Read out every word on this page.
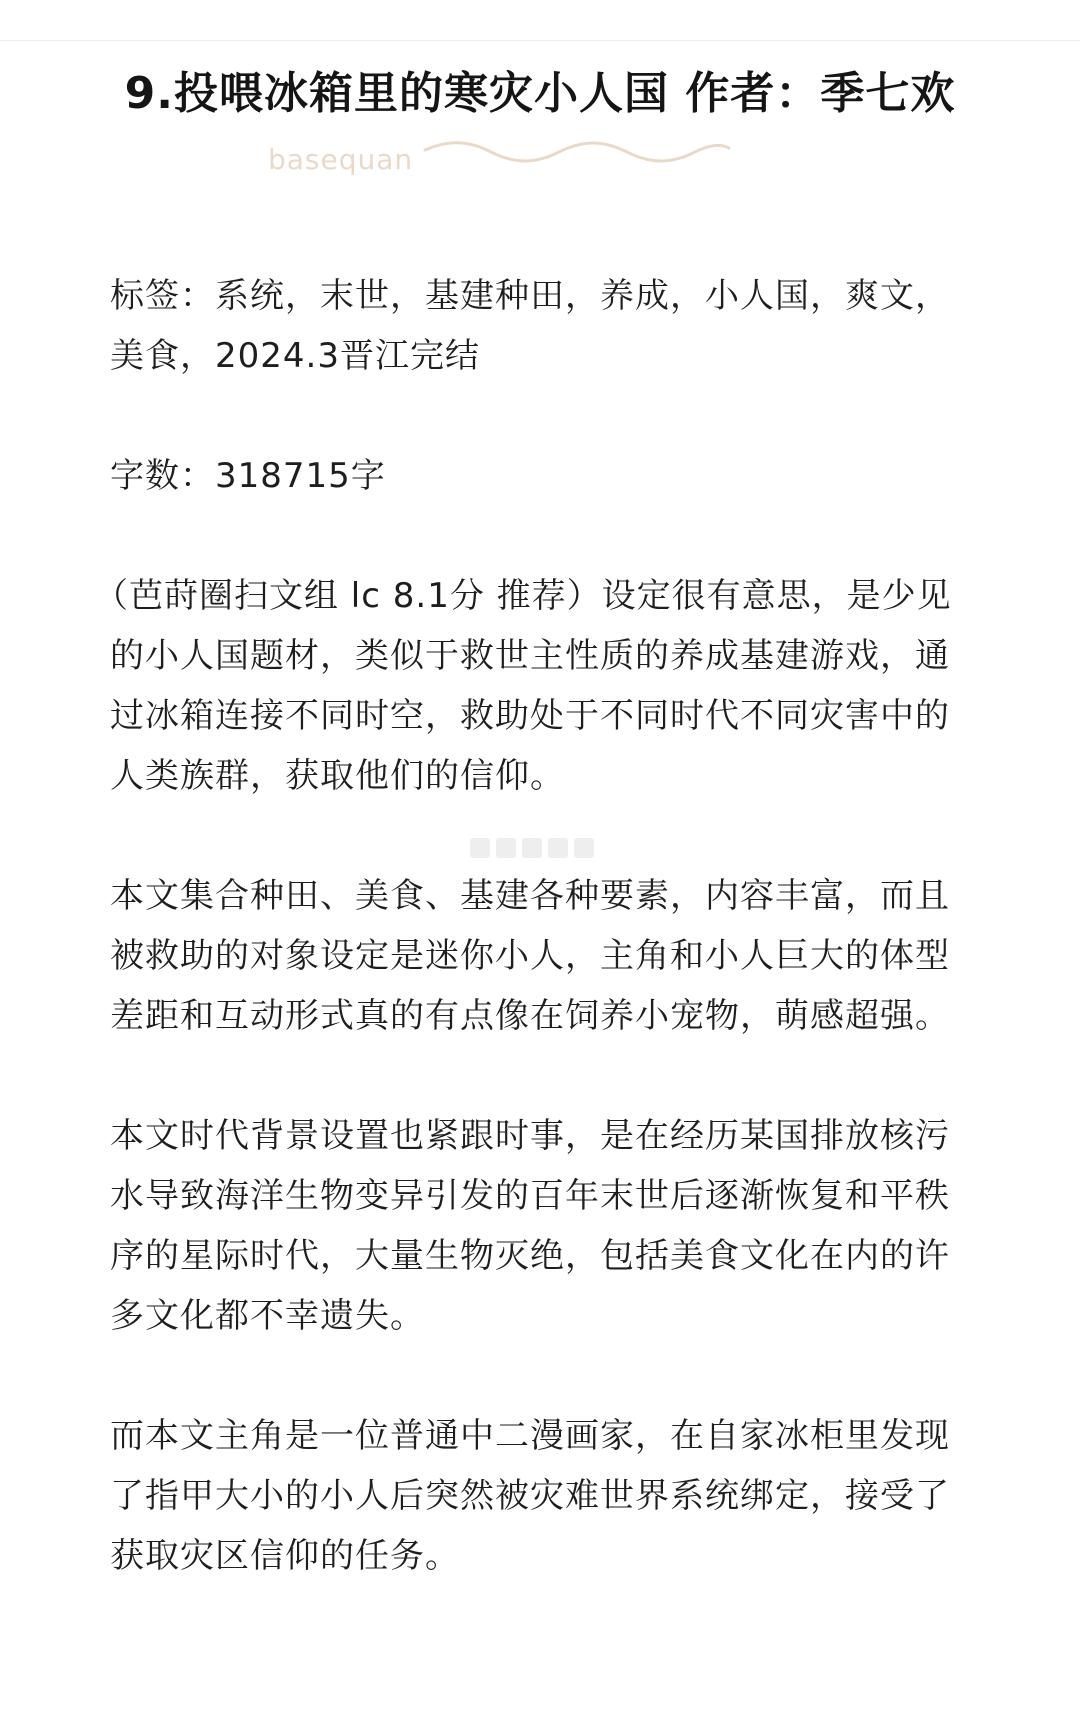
9.投喂冰箱里的寒灾小人国 作者：季七欢
basequan

标签：系统，末世，基建种田，养成，小人国，爽文，美食，2024.3晋江完结

字数：318715字

（芭莳圈扫文组 lc 8.1分 推荐）设定很有意思，是少见的小人国题材，类似于救世主性质的养成基建游戏，通过冰箱连接不同时空，救助处于不同时代不同灾害中的人类族群，获取他们的信仰。

本文集合种田、美食、基建各种要素，内容丰富，而且被救助的对象设定是迷你小人，主角和小人巨大的体型差距和互动形式真的有点像在饲养小宠物，萌感超强。

本文时代背景设置也紧跟时事，是在经历某国排放核污水导致海洋生物变异引发的百年末世后逐渐恢复和平秩序的星际时代，大量生物灭绝，包括美食文化在内的许多文化都不幸遗失。

而本文主角是一位普通中二漫画家，在自家冰柜里发现了指甲大小的小人后突然被灾难世界系统绑定，接受了获取灾区信仰的任务。
